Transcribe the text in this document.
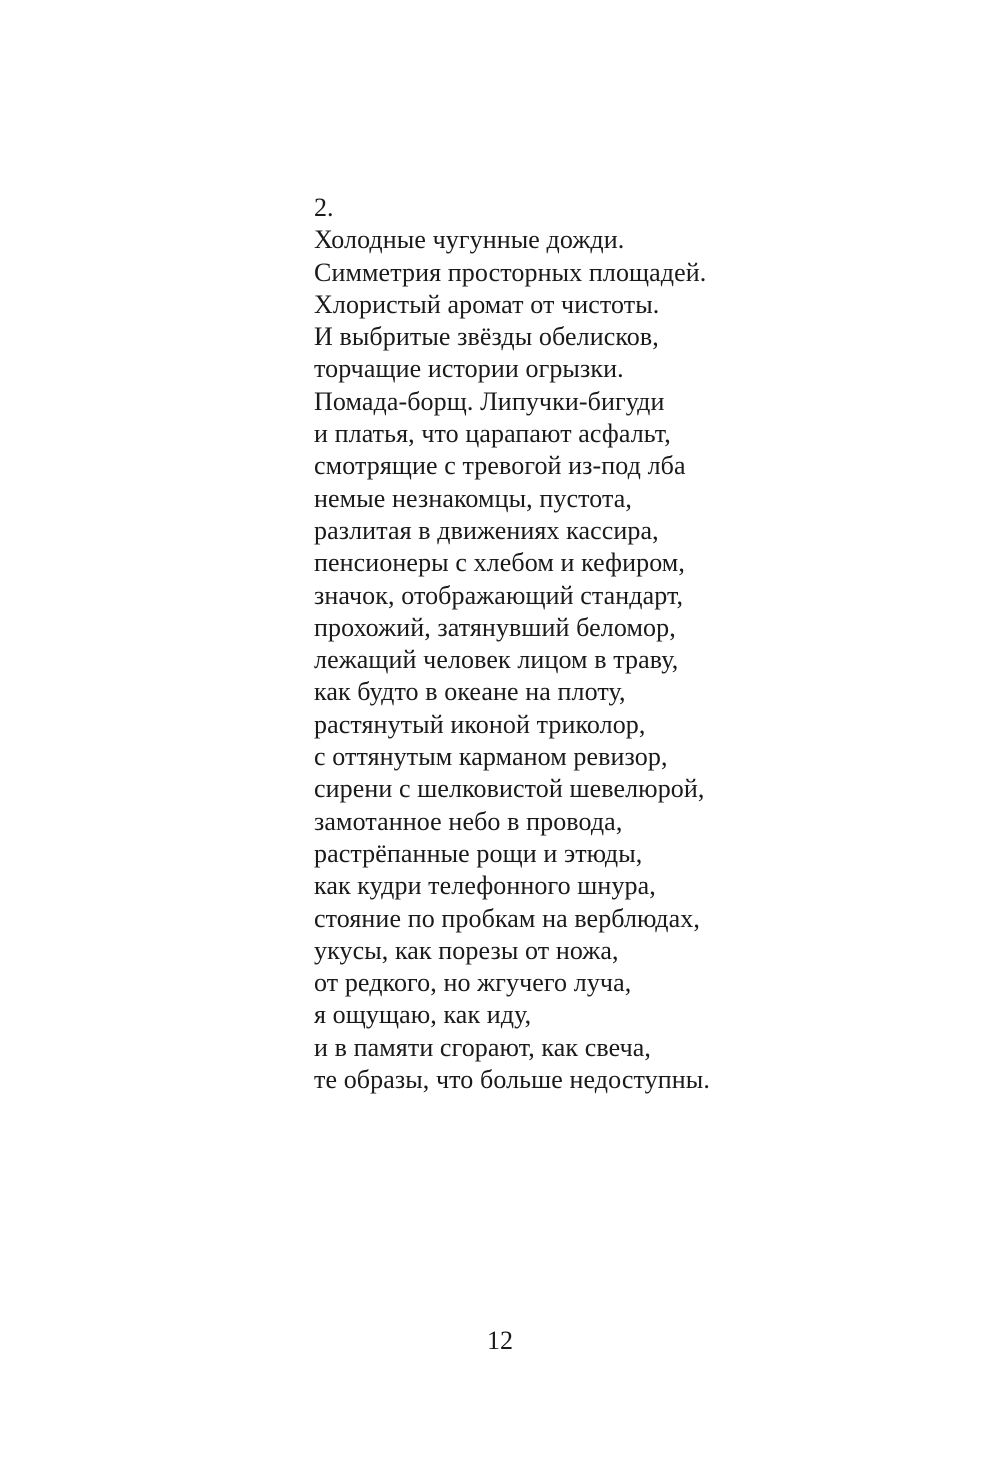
2.

Холодные чугунные дожди.
Симметрия просторных площадей.
Хлористый аромат от чистоты.
И выбритые звёзды обелисков,
торчащие истории огрызки.
Помада-борщ. Липучки-бигуди
и платья, что царапают асфальт,
смотрящие с тревогой из-под лба
немые незнакомцы, пустота,
разлитая в движениях кассира,
пенсионеры с хлебом и кефиром,
значок, отображающий стандарт,
прохожий, затянувший беломор,
лежащий человек лицом в траву,
как будто в океане на плоту,
растянутый иконой триколор,
с оттянутым карманом ревизор,
сирени с шелковистой шевелюрой,
замотанное небо в провода,
растрёпанные рощи и этюды,
как кудри телефонного шнура,
стояние по пробкам на верблюдах,
укусы, как порезы от ножа,
от редкого, но жгучего луча,
я ощущаю, как иду,
и в памяти сгорают, как свеча,
те образы, что больше недоступны.
12
